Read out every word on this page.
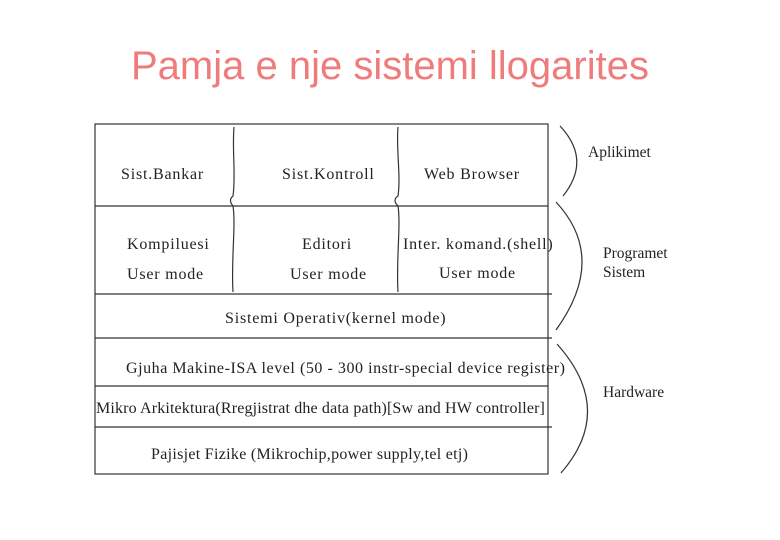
Pamja e nje sistemi llogarites
Sist.Bankar	Sist.Kontroll	Web Browser
Kompiluesi	Editori	Inter. komand.(shell)
User mode	User mode	User mode
Sistemi Operativ(kernel mode)
Gjuha Makine-ISA level (50 - 300 instr-special device register)
Mikro Arkitektura(Rregjistrat dhe data path)[Sw and HW controller]
Pajisjet Fizike (Mikrochip,power supply,tel etj)
Aplikimet
Programet
Sistem
Hardware
